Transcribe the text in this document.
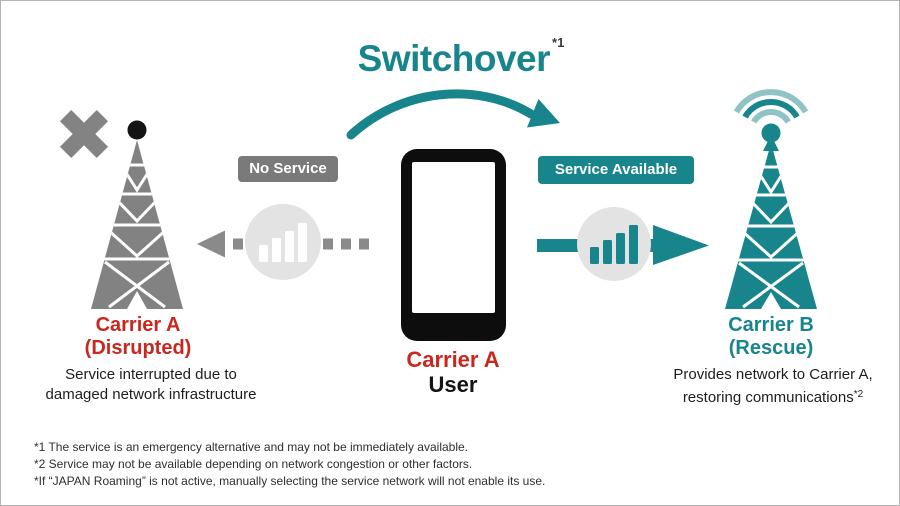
Switchover $^{*1}$
No Service	Service Available
Carrier A
(Disrupted)
Service interrupted due to
damaged network infrastructure
Carrier A
User
Carrier B
(Rescue)
Provides network to Carrier A,
restoring communications$^{*2}$
*1 The service is an emergency alternative and may not be immediately available.
*2 Service may not be available depending on network congestion or other factors.
*If “JAPAN Roaming” is not active, manually selecting the service network will not enable its use.
